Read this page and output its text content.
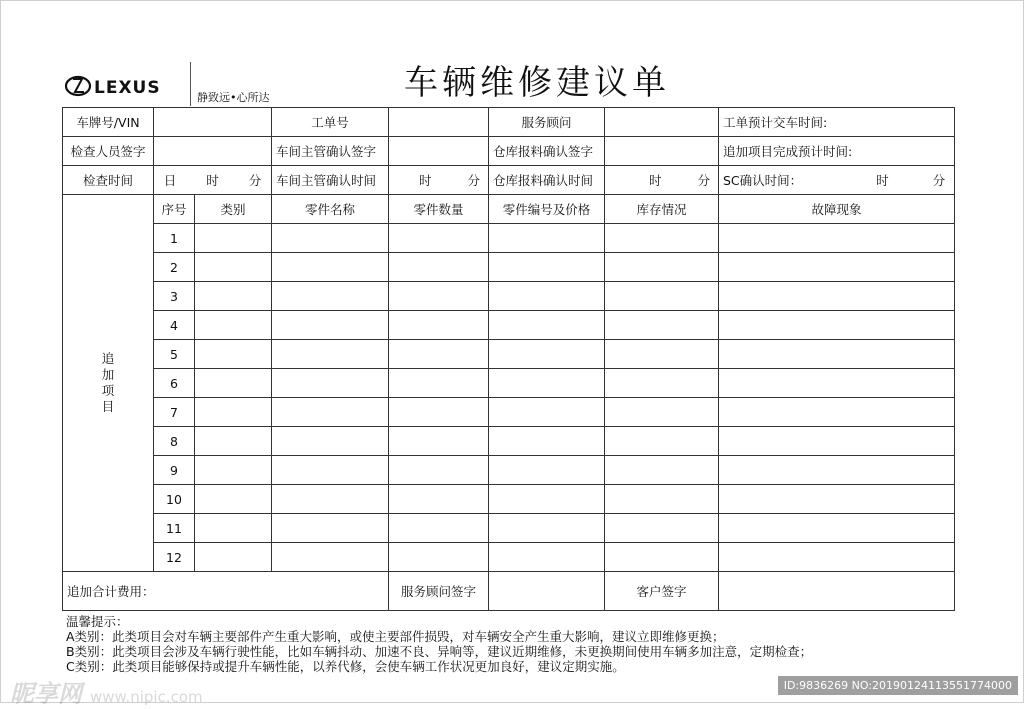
LEXUS	静致远•心所达	车辆维修建议单
车牌号/VIN			工单号		服务顾问		工单预计交车时间:
检查人员签字			车间主管确认签字		仓库报料确认签字		追加项目完成预计时间:
检查时间	日 时 分		车间主管确认时间	时 分	仓库报料确认时间	时 分	SC确认时间： 时 分

追加项目	序号	类别	零件名称	零件数量	零件编号及价格	库存情况	故障现象
	1						
	2						
	3						
	4						
	5						
	6						
	7						
	8						
	9						
	10						
	11						
	12						
追加合计费用：				服务顾问签字		客户签字	
温馨提示：
A类别：此类项目会对车辆主要部件产生重大影响，或使主要部件损毁，对车辆安全产生重大影响，建议立即维修更换；
B类别：此类项目会涉及车辆行驶性能，比如车辆抖动、加速不良、异响等，建议近期维修，未更换期间使用车辆多加注意，定期检查；
C类别：此类项目能够保持或提升车辆性能，以养代修，会使车辆工作状况更加良好，建议定期实施。
昵享网 www.nipic.com
ID:9836269 NO:20190124113551774000
